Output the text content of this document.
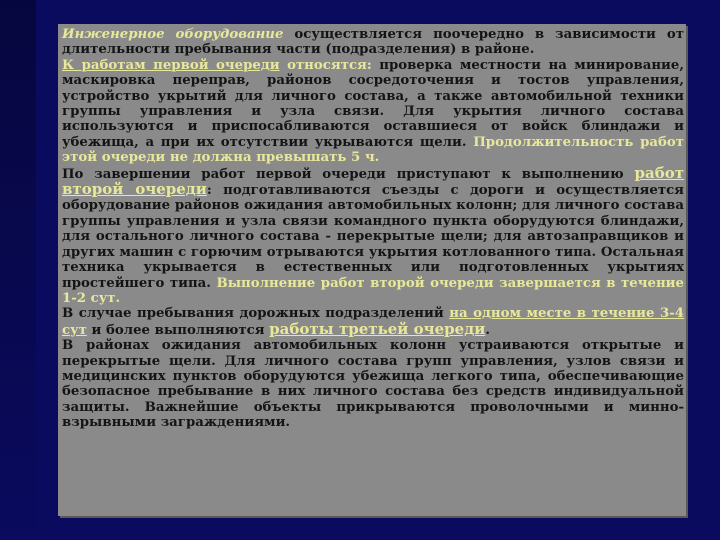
Инженерное оборудование осуществляется поочередно в зависимости от длительности пребывания части (подразделения) в районе.

К работам первой очереди относятся: проверка местности на минирование, маскировка переправ, районов сосредоточения и тостов управления, устройство укрытий для личного состава, а также автомобильной техники группы управления и узла связи. Для укрытия личного состава используются и приспосабливаются оставшиеся от войск блиндажи и убежища, а при их отсутствии укрываются щели. Продолжительность работ этой очереди не должна превышать 5 ч.

По завершении работ первой очереди приступают к выполнению работ второй очереди: подготавливаются съезды с дороги и осуществляется оборудование районов ожидания автомобильных колонн; для личного состава группы управления и узла связи командного пункта оборудуются блиндажи, для остального личного состава - перекрытые щели; для автозаправщиков и других машин с горючим отрываются укрытия котлованного типа. Остальная техника укрывается в естественных или подготовленных укрытиях простейшего типа. Выполнение работ второй очереди завершается в течение 1-2 сут.

В случае пребывания дорожных подразделений на одном месте в течение 3-4 сут и более выполняются работы третьей очереди.

В районах ожидания автомобильных колонн устраиваются открытые и перекрытые щели. Для личного состава групп управления, узлов связи и медицинских пунктов оборудуются убежища легкого типа, обеспечивающие безопасное пребывание в них личного состава без средств индивидуальной защиты. Важнейшие объекты прикрываются проволочными и минно-взрывными заграждениями.
